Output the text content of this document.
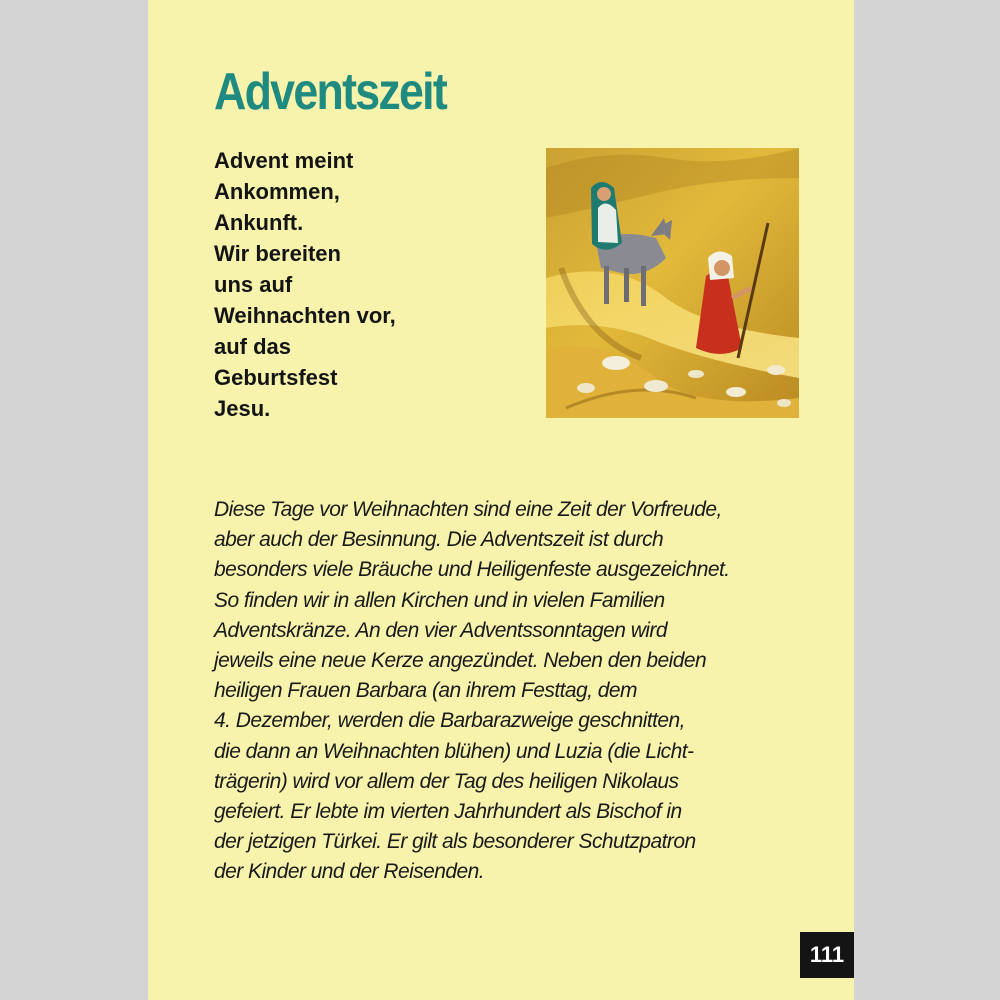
Adventszeit

Advent meint
Ankommen,
Ankunft.
Wir bereiten
uns auf
Weihnachten vor,
auf das
Geburtsfest
Jesu.

Diese Tage vor Weihnachten sind eine Zeit der Vorfreude,
aber auch der Besinnung. Die Adventszeit ist durch
besonders viele Bräuche und Heiligenfeste ausgezeichnet.
So finden wir in allen Kirchen und in vielen Familien
Adventskränze. An den vier Adventssonntagen wird
jeweils eine neue Kerze angezündet. Neben den beiden
heiligen Frauen Barbara (an ihrem Festtag, dem
4. Dezember, werden die Barbarazweige geschnitten,
die dann an Weihnachten blühen) und Luzia (die Licht-
trägerin) wird vor allem der Tag des heiligen Nikolaus
gefeiert. Er lebte im vierten Jahrhundert als Bischof in
der jetzigen Türkei. Er gilt als besonderer Schutzpatron
der Kinder und der Reisenden.

111
